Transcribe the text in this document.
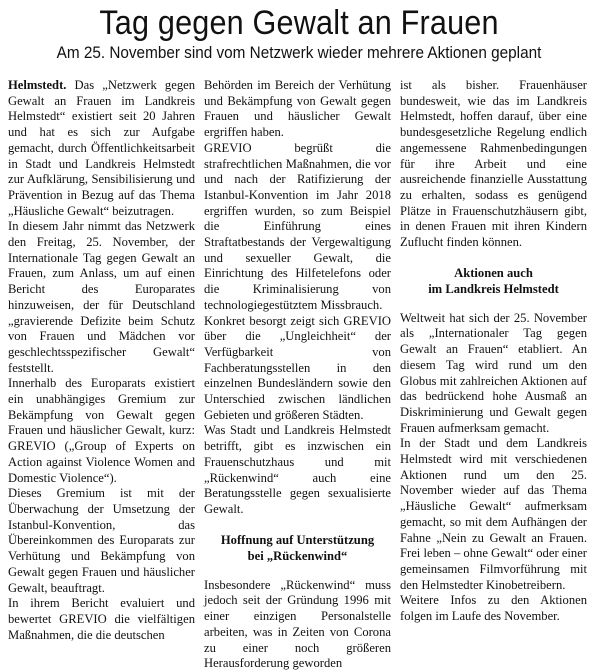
Tag gegen Gewalt an Frauen

Am 25. November sind vom Netzwerk wieder mehrere Aktionen geplant

Helmstedt. Das „Netzwerk gegen Gewalt an Frauen im Landkreis Helmstedt“ existiert seit 20 Jahren und hat es sich zur Aufgabe gemacht, durch Öffentlichkeitsarbeit in Stadt und Landkreis Helmstedt zur Aufklärung, Sensibilisierung und Prävention in Bezug auf das Thema „Häusliche Gewalt“ beizutragen.

In diesem Jahr nimmt das Netzwerk den Freitag, 25. November, der Internationale Tag gegen Gewalt an Frauen, zum Anlass, um auf einen Bericht des Europarates hinzuweisen, der für Deutschland „gravierende Defizite beim Schutz von Frauen und Mädchen vor geschlechtsspezifischer Gewalt“ feststellt.

Innerhalb des Europarats existiert ein unabhängiges Gremium zur Bekämpfung von Gewalt gegen Frauen und häuslicher Gewalt, kurz: GREVIO („Group of Experts on Action against Violence Women and Domestic Violence“).

Dieses Gremium ist mit der Überwachung der Umsetzung der Istanbul-Konvention, das Übereinkommen des Europarats zur Verhütung und Bekämpfung von Gewalt gegen Frauen und häuslicher Gewalt, beauftragt.

In ihrem Bericht evaluiert und bewertet GREVIO die vielfältigen Maßnahmen, die die deutschen

Behörden im Bereich der Verhütung und Bekämpfung von Gewalt gegen Frauen und häuslicher Gewalt ergriffen haben.

GREVIO begrüßt die strafrechtlichen Maßnahmen, die vor und nach der Ratifizierung der Istanbul-Konvention im Jahr 2018 ergriffen wurden, so zum Beispiel die Einführung eines Straftatbestands der Vergewaltigung und sexueller Gewalt, die Einrichtung des Hilfetelefons oder die Kriminalisierung von technologiegestütztem Missbrauch.

Konkret besorgt zeigt sich GREVIO über die „Ungleichheit“ der Verfügbarkeit von Fachberatungsstellen in den einzelnen Bundesländern sowie den Unterschied zwischen ländlichen Gebieten und größeren Städten.

Was Stadt und Landkreis Helmstedt betrifft, gibt es inzwischen ein Frauenschutzhaus und mit „Rückenwind“ auch eine Beratungsstelle gegen sexualisierte Gewalt.

Hoffnung auf Unterstützung
bei „Rückenwind“

Insbesondere „Rückenwind“ muss jedoch seit der Gründung 1996 mit einer einzigen Personalstelle arbeiten, was in Zeiten von Corona zu einer noch größeren Herausforderung geworden

ist als bisher. Frauenhäuser bundesweit, wie das im Landkreis Helmstedt, hoffen darauf, über eine bundesgesetzliche Regelung endlich angemessene Rahmenbedingungen für ihre Arbeit und eine ausreichende finanzielle Ausstattung zu erhalten, sodass es genügend Plätze in Frauenschutzhäusern gibt, in denen Frauen mit ihren Kindern Zuflucht finden können.

Aktionen auch
im Landkreis Helmstedt

Weltweit hat sich der 25. November als „Internationaler Tag gegen Gewalt an Frauen“ etabliert. An diesem Tag wird rund um den Globus mit zahlreichen Aktionen auf das bedrückend hohe Ausmaß an Diskriminierung und Gewalt gegen Frauen aufmerksam gemacht.

In der Stadt und dem Landkreis Helmstedt wird mit verschiedenen Aktionen rund um den 25. November wieder auf das Thema „Häusliche Gewalt“ aufmerksam gemacht, so mit dem Aufhängen der Fahne „Nein zu Gewalt an Frauen. Frei leben – ohne Gewalt“ oder einer gemeinsamen Filmvorführung mit den Helmstedter Kinobetreibern.

Weitere Infos zu den Aktionen folgen im Laufe des November.
